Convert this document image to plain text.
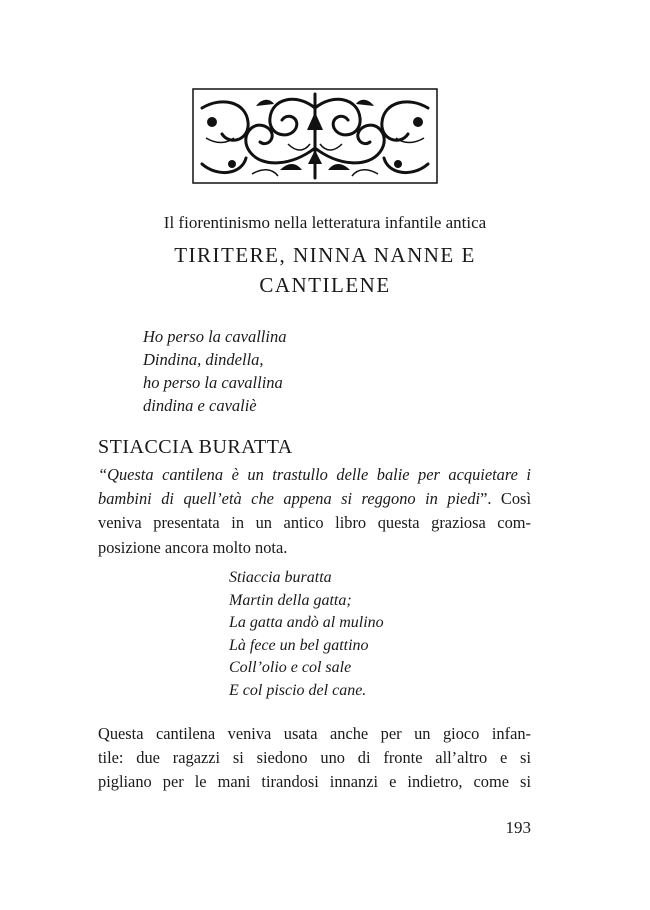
Il fiorentinismo nella letteratura infantile antica
TIRITERE, NINNA NANNE E
CANTILENE
Ho perso la cavallina
Dindina, dindella,
ho perso la cavallina
dindina e cavaliè
STIACCIA BURATTA
“Questa cantilena è un trastullo delle balie per acquietare i
bambini di quell’età che appena si reggono in piedi”. Così
veniva presentata in un antico libro questa graziosa com-
posizione ancora molto nota.
Stiaccia buratta
Martin della gatta;
La gatta andò al mulino
Là fece un bel gattino
Coll’olio e col sale
E col piscio del cane.
Questa cantilena veniva usata anche per un gioco infan-
tile: due ragazzi si siedono uno di fronte all’altro e si
pigliano per le mani tirandosi innanzi e indietro, come si
193
